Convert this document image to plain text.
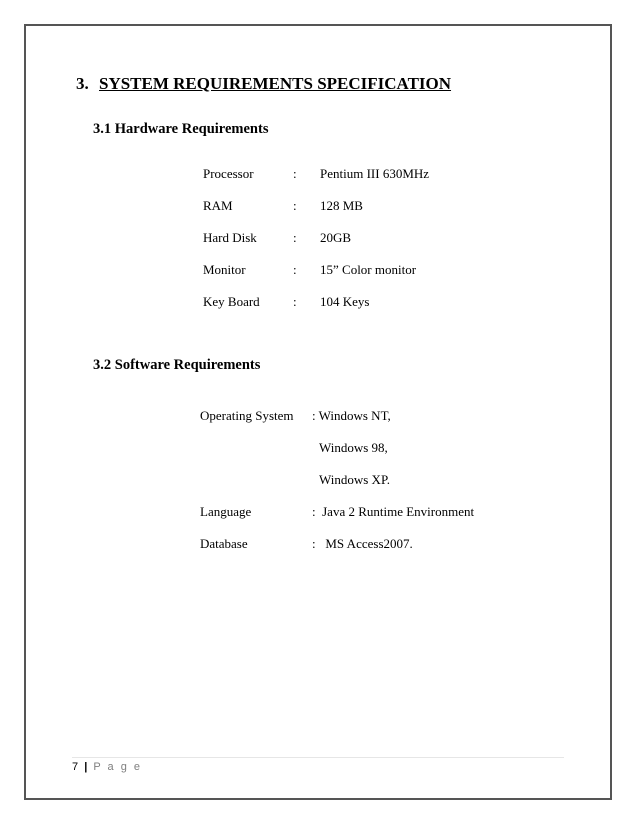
3. SYSTEM REQUIREMENTS SPECIFICATION
3.1 Hardware Requirements
Processor	: Pentium III 630MHz
RAM	: 128 MB
Hard Disk	: 20GB
Monitor	: 15” Color monitor
Key Board	: 104 Keys
3.2 Software Requirements
Operating System : Windows NT,
Windows 98,
Windows XP.
Language	:  Java 2 Runtime Environment
Database	:   MS Access2007.
7 | P a g e
